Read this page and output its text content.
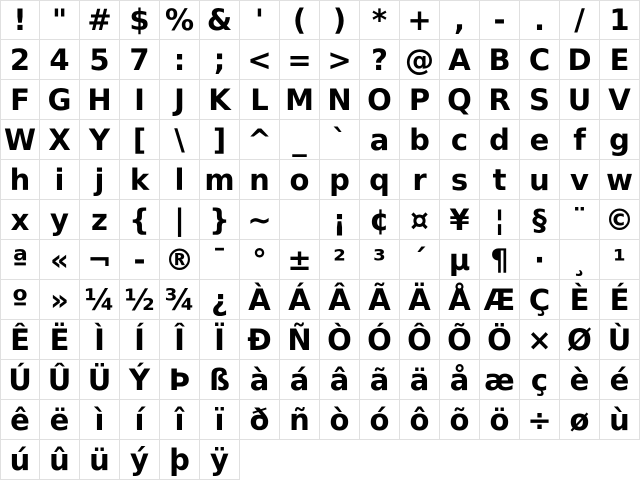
! " # $ % & ' ( ) * + , - .	/ 1
2 4 5 7 : ; < = > ? @ A B C D E
F G H I	J K L M N O P Q R S U V
W X Y [ \ ] ^ _ ` a b c d e f g
h i	j k l m n o p q r s t u v w
x y z { | } ~	¡ ¢ ¤ ¥ ¦ § ¨ ©
ª « ¬ - ® ¯ ° ± ² ³ ´ µ ¶ · ¸ ¹
º » ¼ ½ ¾ ¿ À Á Â Ã Ä Å Æ Ç È É
Ê Ë Ì	Í	Î	Ï Ð Ñ Ò Ó Ô Õ Ö × Ø Ù
Ú Û Ü Ý Þ ß à á â ã ä å æ ç è é
ê ë ì	í	î	ï ð ñ ò ó ô õ ö ÷ ø ù
ú û ü ý þ ÿ
